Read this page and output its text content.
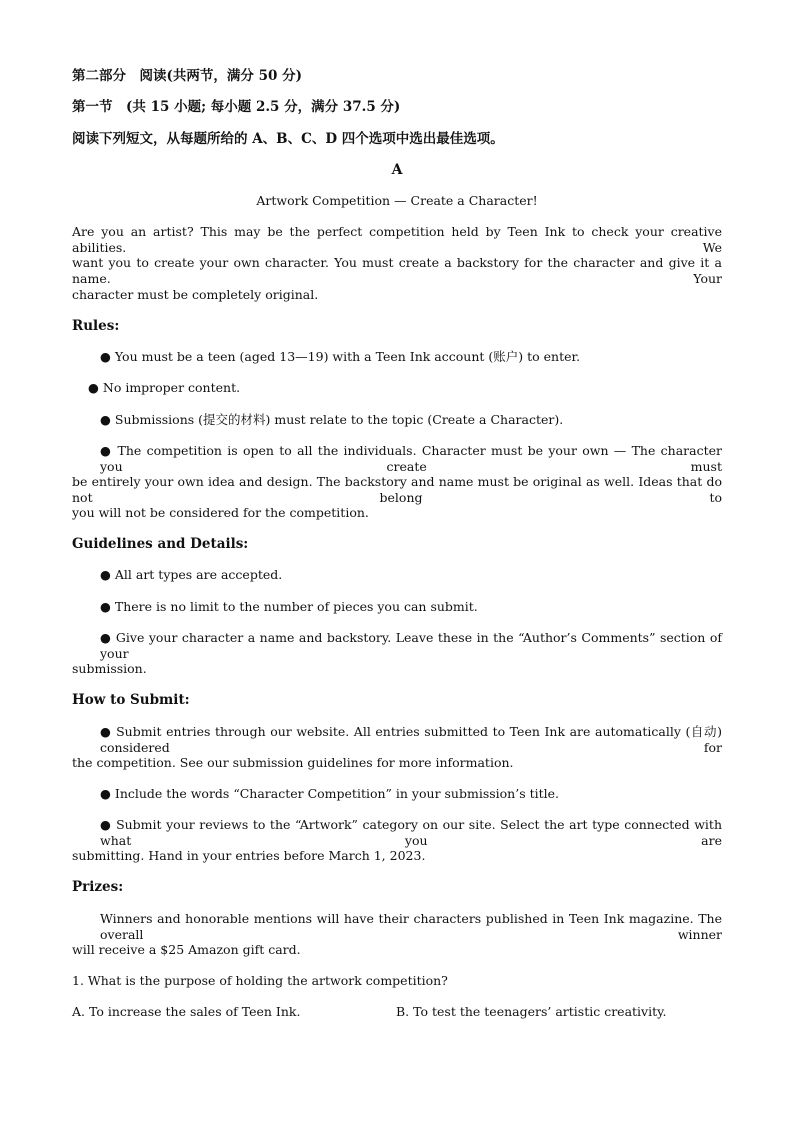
第二部分　阅读(共两节，满分 50 分)
第一节　(共 15 小题; 每小题 2.5 分，满分 37.5 分)
阅读下列短文，从每题所给的 A、B、C、D 四个选项中选出最佳选项。
A
Artwork Competition — Create a Character!
Are you an artist? This may be the perfect competition held by Teen Ink to check your creative abilities. We
want you to create your own character. You must create a backstory for the character and give it a name. Your
character must be completely original.
Rules:
● You must be a teen (aged 13—19) with a Teen Ink account (账户) to enter.
● No improper content.
● Submissions (提交的材料) must relate to the topic (Create a Character).
● The competition is open to all the individuals. Character must be your own — The character you create must
be entirely your own idea and design. The backstory and name must be original as well. Ideas that do not belong to
you will not be considered for the competition.
Guidelines and Details:
● All art types are accepted.
● There is no limit to the number of pieces you can submit.
● Give your character a name and backstory. Leave these in the “Author’s Comments” section of your
submission.
How to Submit:
● Submit entries through our website. All entries submitted to Teen Ink are automatically (自动) considered for
the competition. See our submission guidelines for more information.
● Include the words “Character Competition” in your submission’s title.
● Submit your reviews to the “Artwork” category on our site. Select the art type connected with what you are
submitting. Hand in your entries before March 1, 2023.
Prizes:
Winners and honorable mentions will have their characters published in Teen Ink magazine. The overall winner
will receive a $25 Amazon gift card.
1. What is the purpose of holding the artwork competition?
A. To increase the sales of Teen Ink.	B. To test the teenagers’ artistic creativity.
